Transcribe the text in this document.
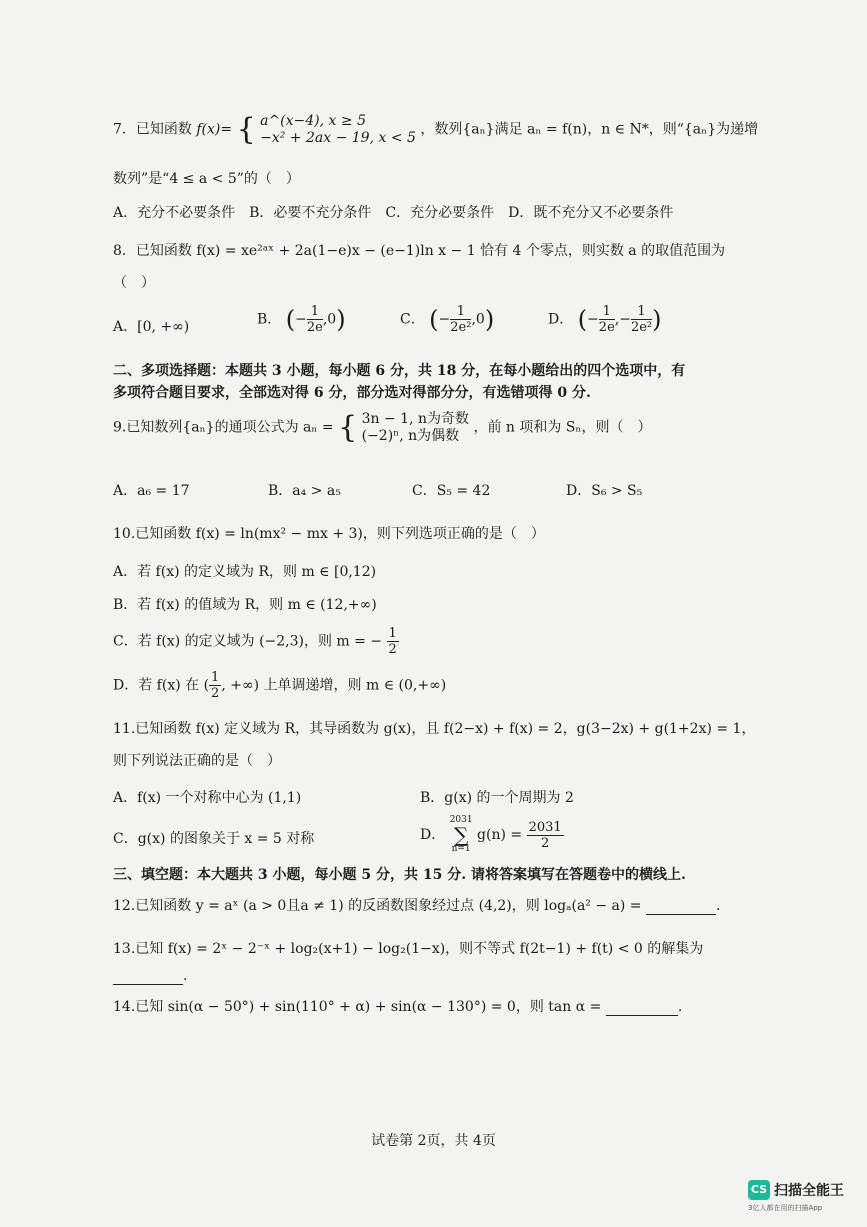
7．已知函数 f(x)= { a^(x−4), x ≥ 5
−x² + 2ax − 19, x < 5 ，数列{aₙ}满足 aₙ = f(n)，n ∈ N*，则“{aₙ}为递增
数列”是“4 ≤ a < 5”的（　）
A．充分不必要条件　B．必要不充分条件　C．充分必要条件　D．既不充分又不必要条件
8．已知函数 f(x) = xe²ᵃˣ + 2a(1−e)x − (e−1)ln x − 1 恰有 4 个零点，则实数 a 的取值范围为
（　）
A．[0, +∞)	B． (− $\frac{1}{2e} ,0$)	C． (− $\frac{1}{\text{2e²}} ,0$)	D． (− $\frac{1}{2e}$ ,− $\frac{1}{\text{2e²}}$ )
二、多项选择题：本题共 3 小题，每小题 6 分，共 18 分，在每小题给出的四个选项中，有
多项符合题目要求，全部选对得 6 分，部分选对得部分分，有选错项得 0 分.
9.已知数列{aₙ}的通项公式为 aₙ = { 3n − 1, n为奇数
(−2)ⁿ, n为偶数	，前 n 项和为 Sₙ，则（　）
A．a₆ = 17	B．a₄ > a₅	C．S₅ = 42	D．S₆ > S₅
10.已知函数 f(x) = ln(mx² − mx + 3)，则下列选项正确的是（　）
A．若 f(x) 的定义域为 R，则 m ∈ [0,12)
B．若 f(x) 的值域为 R，则 m ∈ (12,+∞)
C．若 f(x) 的定义域为 (−2,3)，则 m = − $\frac{1}{2}$
D．若 f(x) 在 ( $\frac{1}{2}$ , +∞) 上单调递增，则 m ∈ (0,+∞)
11.已知函数 f(x) 定义域为 R，其导函数为 g(x)，且 f(2−x) + f(x) = 2，g(3−2x) + g(1+2x) = 1，
则下列说法正确的是（　）
A．f(x) 一个对称中心为 (1,1)	B．g(x) 的一个周期为 2
C．g(x) 的图象关于 x = 5 对称	D．
2031
∑
n=1
$g(n) = \frac{2031}{2}$
三、填空题：本大题共 3 小题，每小题 5 分，共 15 分. 请将答案填写在答题卷中的横线上.
12.已知函数 y = aˣ (a > 0且a ≠ 1) 的反函数图象经过点 (4,2)，则 logₐ(a² − a) =	.
13.已知 f(x) = 2ˣ − 2⁻ˣ + log₂(x+1) − log₂(1−x)，则不等式 f(2t−1) + f(t) < 0 的解集为
.
14.已知 sin(α − 50°) + sin(110° + α) + sin(α − 130°) = 0，则 tan α =	.
试卷第 2页，共 4页
CS 扫描全能王
3亿人都在用的扫描App
